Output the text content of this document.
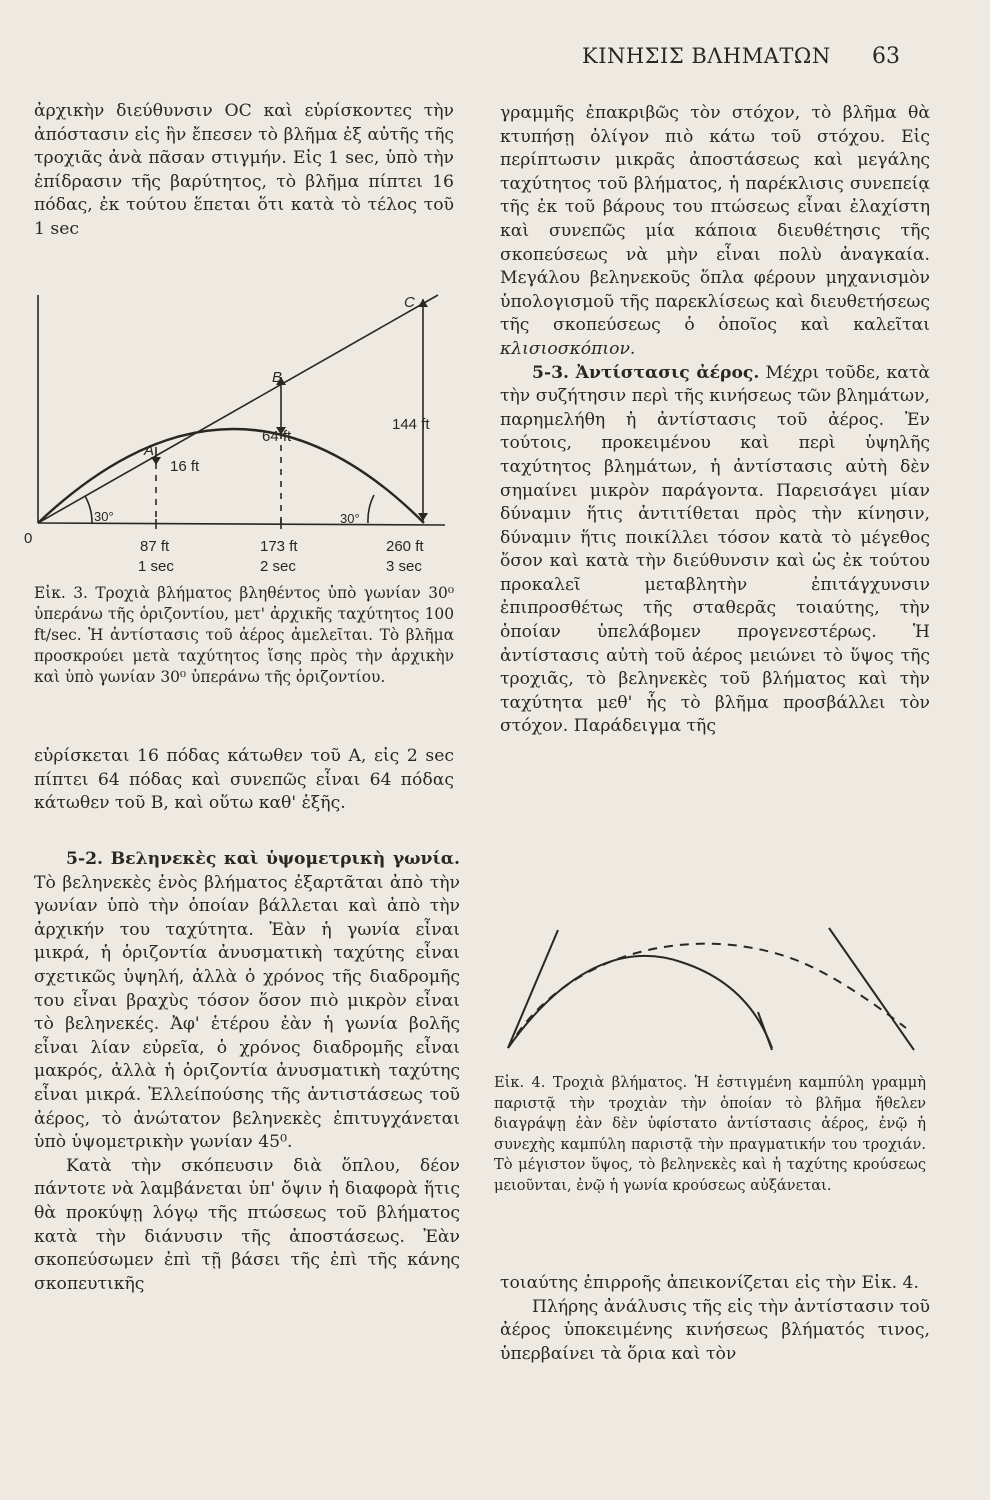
ΚΙΝΗΣΙΣ ΒΛΗΜΑΤΩΝ 63

ἀρχικὴν διεύθυνσιν OC καὶ εὑρίσκοντες τὴν ἀπόστασιν εἰς ἣν ἔπεσεν τὸ βλῆμα ἐξ αὐτῆς τῆς τροχιᾶς ἀνὰ πᾶσαν στιγμήν. Εἰς 1 sec, ὑπὸ τὴν ἐπίδρασιν τῆς βαρύτητος, τὸ βλῆμα πίπτει 16 πόδας, ἐκ τούτου ἕπεται ὅτι κατὰ τὸ τέλος τοῦ 1 sec

0
A
B
C
16 ft
64 ft
144 ft
30°	30°
87 ft
1 sec
173 ft
2 sec
260 ft
3 sec
Εἰκ. 3. Τροχιὰ βλήματος βληθέντος ὑπὸ γωνίαν 30⁰ ὑπεράνω τῆς ὁριζοντίου, μετ' ἀρχικῆς ταχύτητος 100 ft/sec. Ἡ ἀντίστασις τοῦ ἀέρος ἀμελεῖται. Τὸ βλῆμα προσκρούει μετὰ ταχύτητος ἴσης πρὸς τὴν ἀρχικὴν καὶ ὑπὸ γωνίαν 30⁰ ὑπεράνω τῆς ὁριζοντίου.

εὑρίσκεται 16 πόδας κάτωθεν τοῦ A, εἰς 2 sec πίπτει 64 πόδας καὶ συνεπῶς εἶναι 64 πόδας κάτωθεν τοῦ B, καὶ οὕτω καθ' ἑξῆς.

5-2. Βεληνεκὲς καὶ ὑψομετρικὴ γωνία. Τὸ βεληνεκὲς ἑνὸς βλήματος ἐξαρτᾶται ἀπὸ τὴν γωνίαν ὑπὸ τὴν ὁποίαν βάλλεται καὶ ἀπὸ τὴν ἀρχικήν του ταχύτητα. Ἐὰν ἡ γωνία εἶναι μικρά, ἡ ὁριζοντία ἀνυσματικὴ ταχύτης εἶναι σχετικῶς ὑψηλή, ἀλλὰ ὁ χρόνος τῆς διαδρομῆς του εἶναι βραχὺς τόσον ὅσον πιὸ μικρὸν εἶναι τὸ βεληνεκές. Ἀφ' ἑτέρου ἐὰν ἡ γωνία βολῆς εἶναι λίαν εὐρεῖα, ὁ χρόνος διαδρομῆς εἶναι μακρός, ἀλλὰ ἡ ὁριζοντία ἀνυσματικὴ ταχύτης εἶναι μικρά. Ἐλλείπούσης τῆς ἀντιστάσεως τοῦ ἀέρος, τὸ ἀνώτατον βεληνεκὲς ἐπιτυγχάνεται ὑπὸ ὑψομετρικὴν γωνίαν 45⁰.

Κατὰ τὴν σκόπευσιν διὰ ὅπλου, δέον πάντοτε νὰ λαμβάνεται ὑπ' ὄψιν ἡ διαφορὰ ἥτις θὰ προκύψῃ λόγῳ τῆς πτώσεως τοῦ βλήματος κατὰ τὴν διάνυσιν τῆς ἀποστάσεως. Ἐὰν σκοπεύσωμεν ἐπὶ τῇ βάσει τῆς ἐπὶ τῆς κάνης σκοπευτικῆς

γραμμῆς ἐπακριβῶς τὸν στόχον, τὸ βλῆμα θὰ κτυπήσῃ ὀλίγον πιὸ κάτω τοῦ στόχου. Εἰς περίπτωσιν μικρᾶς ἀποστάσεως καὶ μεγάλης ταχύτητος τοῦ βλήματος, ἡ παρέκλισις συνεπείᾳ τῆς ἐκ τοῦ βάρους του πτώσεως εἶναι ἐλαχίστη καὶ συνεπῶς μία κάποια διευθέτησις τῆς σκοπεύσεως νὰ μὴν εἶναι πολὺ ἀναγκαία. Μεγάλου βεληνεκοῦς ὅπλα φέρουν μηχανισμὸν ὑπολογισμοῦ τῆς παρεκλίσεως καὶ διευθετήσεως τῆς σκοπεύσεως ὁ ὁποῖος καὶ καλεῖται κλισιοσκόπιον.

5-3. Ἀντίστασις ἀέρος. Μέχρι τοῦδε, κατὰ τὴν συζήτησιν περὶ τῆς κινήσεως τῶν βλημάτων, παρημελήθη ἡ ἀντίστασις τοῦ ἀέρος. Ἐν τούτοις, προκειμένου καὶ περὶ ὑψηλῆς ταχύτητος βλημάτων, ἡ ἀντίστασις αὐτὴ δὲν σημαίνει μικρὸν παράγοντα. Παρεισάγει μίαν δύναμιν ἥτις ἀντιτίθεται πρὸς τὴν κίνησιν, δύναμιν ἥτις ποικίλλει τόσον κατὰ τὸ μέγεθος ὅσον καὶ κατὰ τὴν διεύθυνσιν καὶ ὡς ἐκ τούτου προκαλεῖ μεταβλητὴν ἐπιτάγχυνσιν ἐπιπροσθέτως τῆς σταθερᾶς τοιαύτης, τὴν ὁποίαν ὑπελάβομεν προγενεστέρως. Ἡ ἀντίστασις αὐτὴ τοῦ ἀέρος μειώνει τὸ ὕψος τῆς τροχιᾶς, τὸ βεληνεκὲς τοῦ βλήματος καὶ τὴν ταχύτητα μεθ' ἧς τὸ βλῆμα προσβάλλει τὸν στόχον. Παράδειγμα τῆς

Εἰκ. 4. Τροχιὰ βλήματος. Ἡ ἐστιγμένη καμπύλη γραμμὴ παριστᾷ τὴν τροχιὰν τὴν ὁποίαν τὸ βλῆμα ἤθελεν διαγράψῃ ἐὰν δὲν ὑφίστατο ἀντίστασις ἀέρος, ἐνῷ ἡ συνεχὴς καμπύλη παριστᾷ τὴν πραγματικήν του τροχιάν. Τὸ μέγιστον ὕψος, τὸ βεληνεκὲς καὶ ἡ ταχύτης κρούσεως μειοῦνται, ἐνῷ ἡ γωνία κρούσεως αὐξάνεται.

τοιαύτης ἐπιρροῆς ἀπεικονίζεται εἰς τὴν Εἰκ. 4.

Πλήρης ἀνάλυσις τῆς εἰς τὴν ἀντίστασιν τοῦ ἀέρος ὑποκειμένης κινήσεως βλήματός τινος, ὑπερβαίνει τὰ ὅρια καὶ τὸν
